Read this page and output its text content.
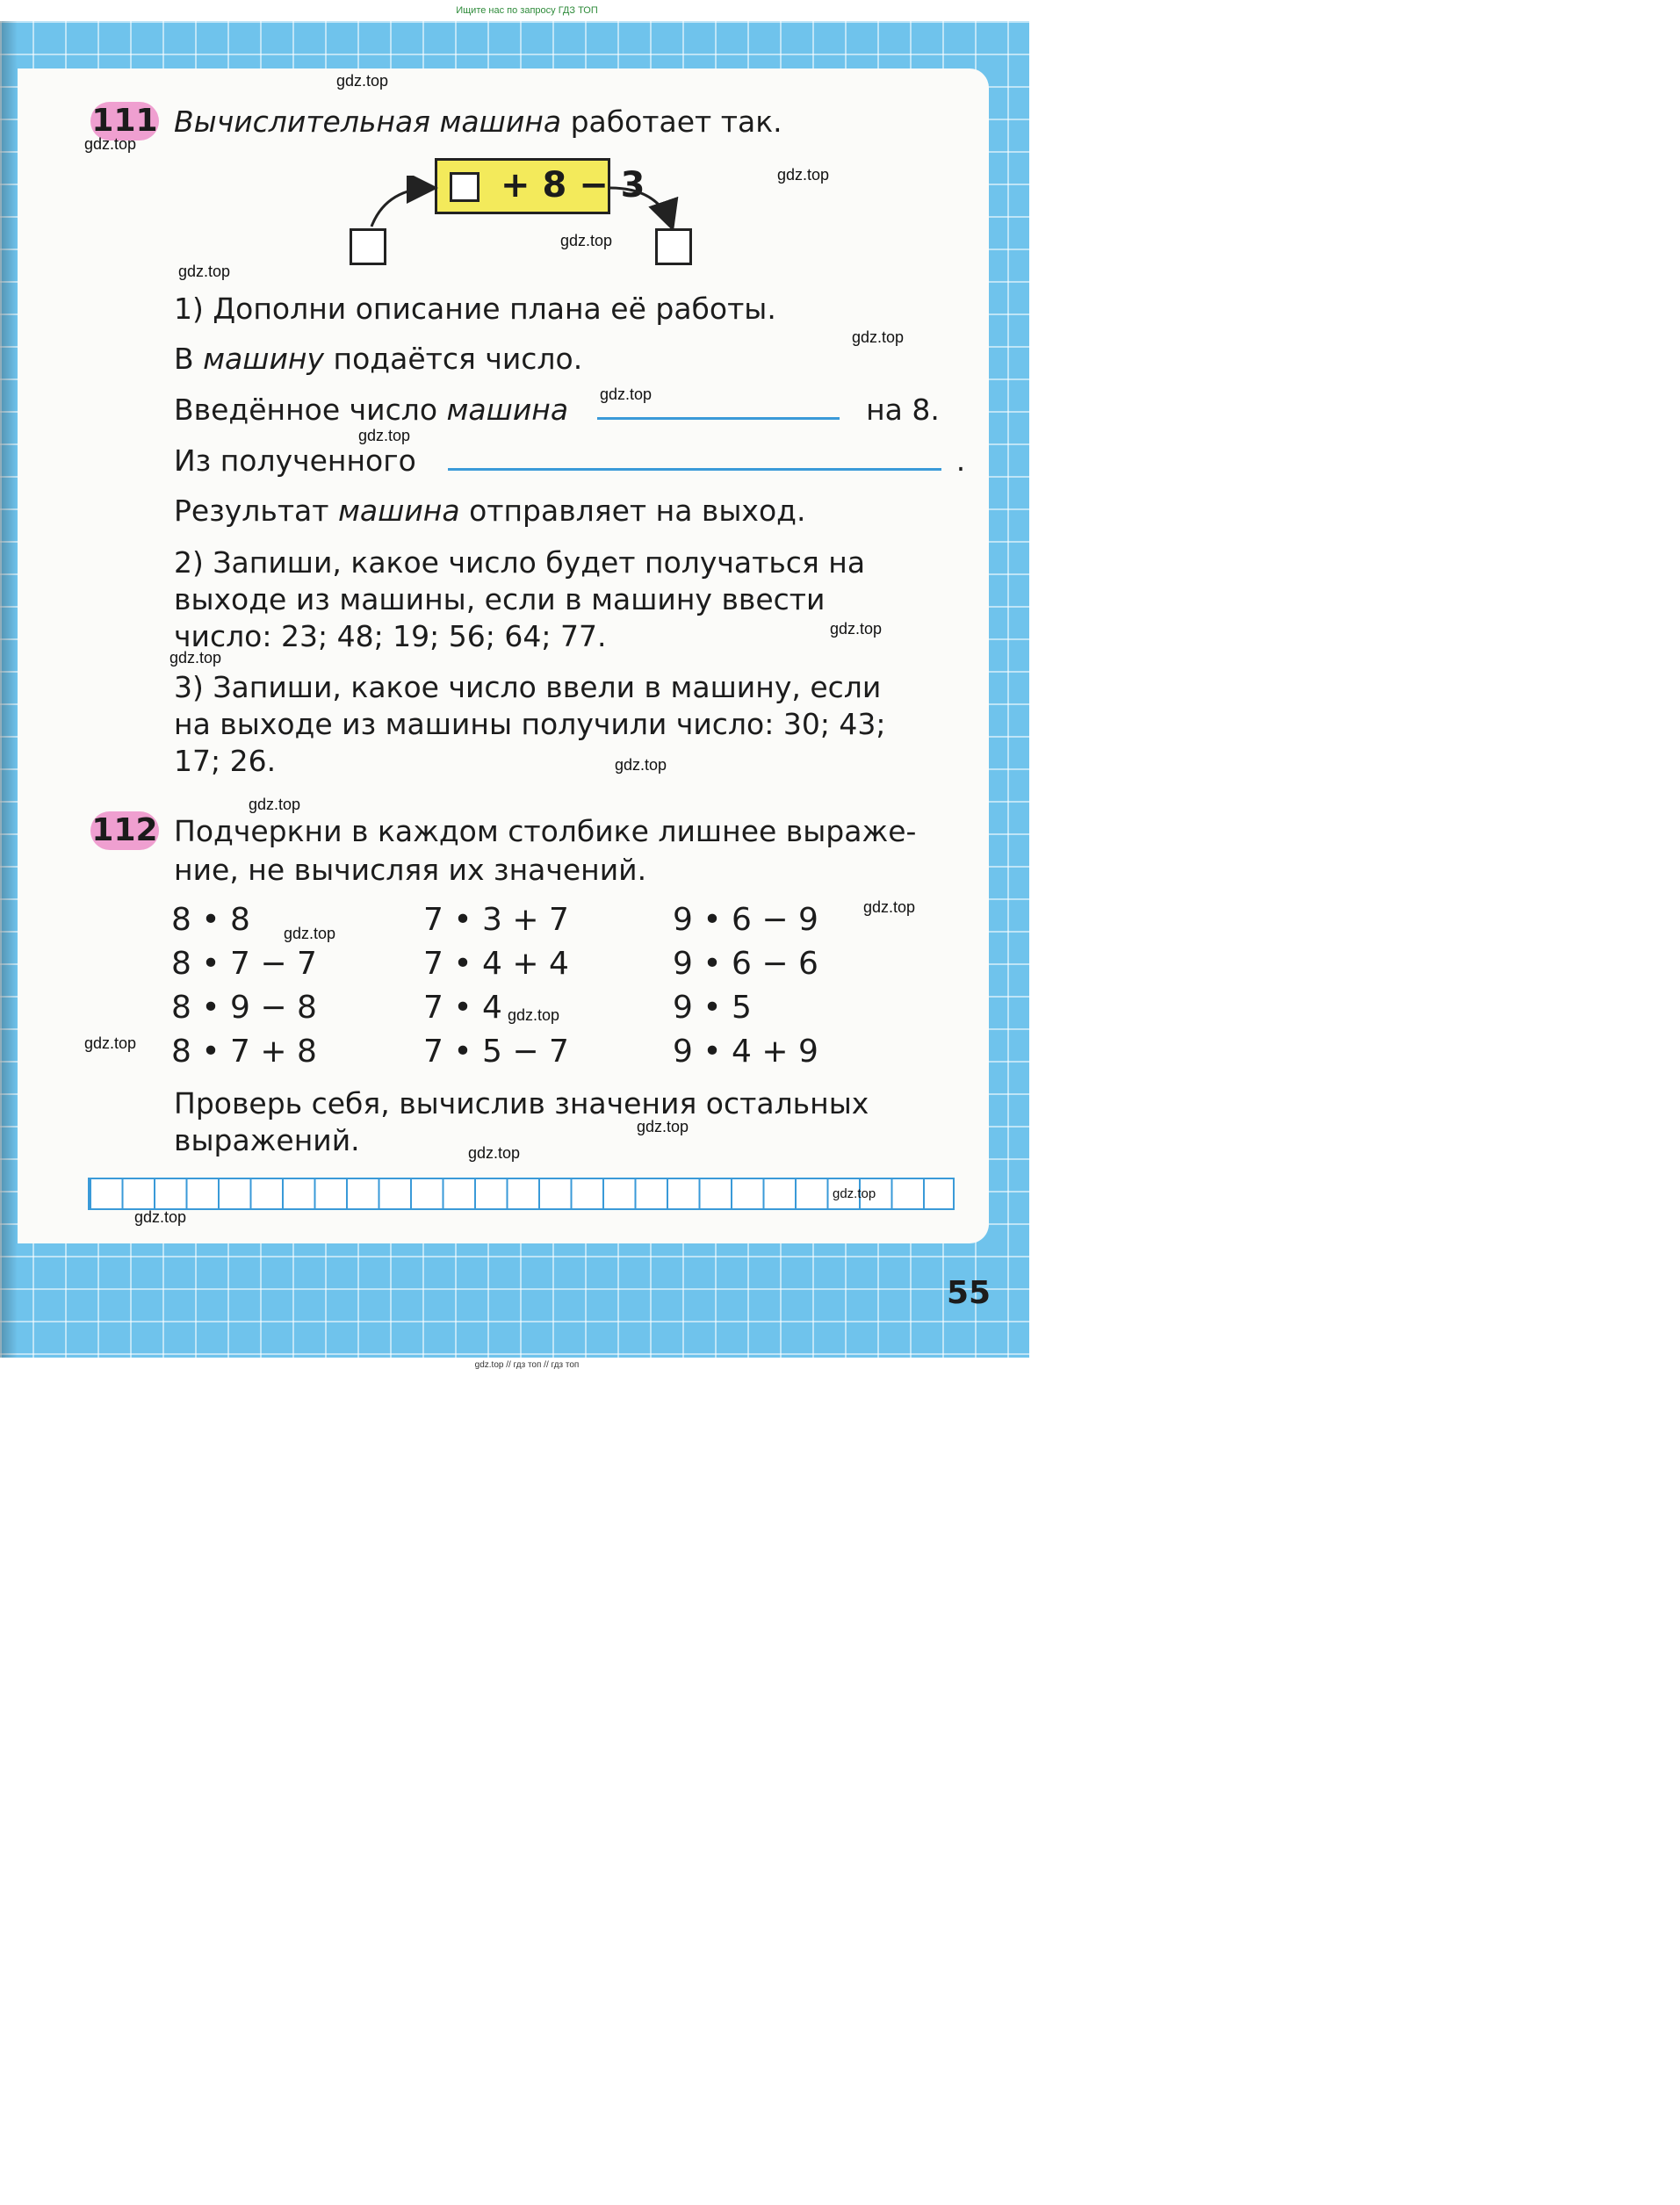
Ищите нас по запросу ГДЗ ТОП
111 Вычислительная машина работает так.
+ 8 − 3
1) Дополни описание плана её работы.
В машину подаётся число.
Введённое число машина	на 8.
Из полученного	.
Результат машина отправляет на выход.
2) Запиши, какое число будет получаться на
выходе из машины, если в машину ввести
число: 23; 48; 19; 56; 64; 77.
3) Запиши, какое число ввели в машину, если
на выходе из машины получили число: 30; 43;
17; 26.
112 Подчеркни в каждом столбике лишнее выраже-
ние, не вычисляя их значений.
8 • 8
8 • 7 − 7
8 • 9 − 8
8 • 7 + 8
7 • 3 + 7
7 • 4 + 4
7 • 4
7 • 5 − 7
9 • 6 − 9
9 • 6 − 6
9 • 5
9 • 4 + 9
Проверь себя, вычислив значения остальных
выражений.
55
gdz.top
gdz.top
gdz.top
gdz.top
gdz.top
gdz.top
gdz.top
gdz.top
gdz.top
gdz.top
gdz.top
gdz.top
gdz.top
gdz.top
gdz.top
gdz.top
gdz.top
gdz.top
gdz.top
gdz.top
gdz.top // гдз топ // гдз топ
